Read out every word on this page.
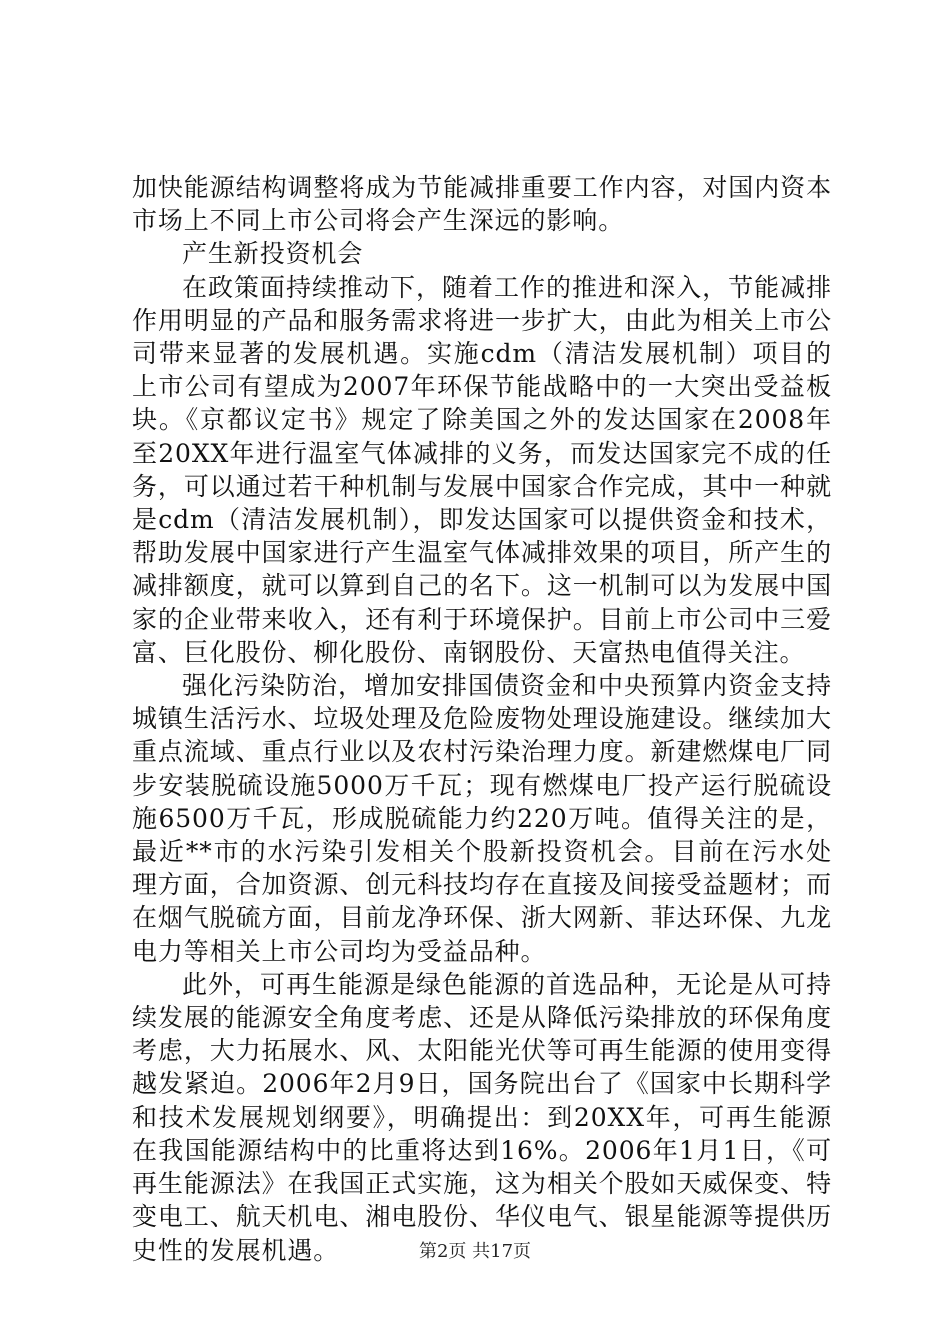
加快能源结构调整将成为节能减排重要工作内容，对国内资本市场上不同上市公司将会产生深远的影响。

产生新投资机会

在政策面持续推动下，随着工作的推进和深入，节能减排作用明显的产品和服务需求将进一步扩大，由此为相关上市公司带来显著的发展机遇。实施cdm（清洁发展机制）项目的上市公司有望成为2007年环保节能战略中的一大突出受益板块。《京都议定书》规定了除美国之外的发达国家在2008年至20XX年进行温室气体减排的义务，而发达国家完不成的任务，可以通过若干种机制与发展中国家合作完成，其中一种就是cdm（清洁发展机制），即发达国家可以提供资金和技术，帮助发展中国家进行产生温室气体减排效果的项目，所产生的减排额度，就可以算到自己的名下。这一机制可以为发展中国家的企业带来收入，还有利于环境保护。目前上市公司中三爱富、巨化股份、柳化股份、南钢股份、天富热电值得关注。

强化污染防治，增加安排国债资金和中央预算内资金支持城镇生活污水、垃圾处理及危险废物处理设施建设。继续加大重点流域、重点行业以及农村污染治理力度。新建燃煤电厂同步安装脱硫设施5000万千瓦；现有燃煤电厂投产运行脱硫设施6500万千瓦，形成脱硫能力约220万吨。值得关注的是，最近**市的水污染引发相关个股新投资机会。目前在污水处理方面，合加资源、创元科技均存在直接及间接受益题材；而在烟气脱硫方面，目前龙净环保、浙大网新、菲达环保、九龙电力等相关上市公司均为受益品种。

此外，可再生能源是绿色能源的首选品种，无论是从可持续发展的能源安全角度考虑、还是从降低污染排放的环保角度考虑，大力拓展水、风、太阳能光伏等可再生能源的使用变得越发紧迫。2006年2月9日，国务院出台了《国家中长期科学和技术发展规划纲要》，明确提出：到20XX年，可再生能源在我国能源结构中的比重将达到16%。2006年1月1日，《可再生能源法》在我国正式实施，这为相关个股如天威保变、特变电工、航天机电、湘电股份、华仪电气、银星能源等提供历史性的发展机遇。	第2页 共17页
